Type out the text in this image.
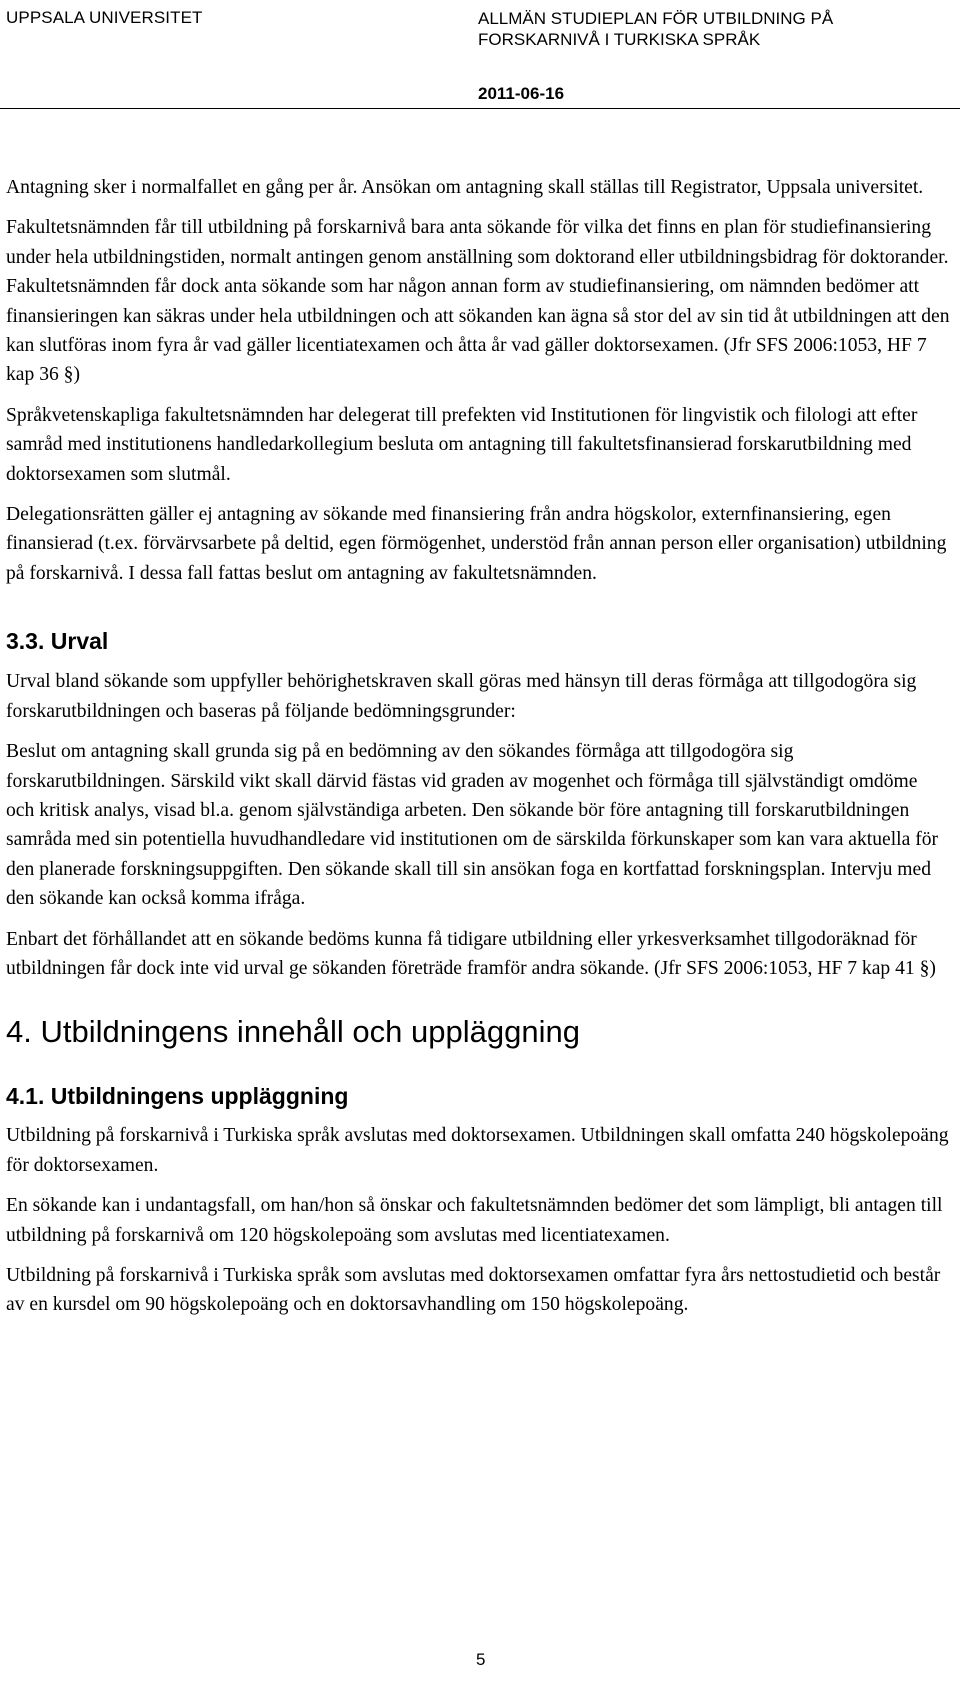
UPPSALA UNIVERSITET	ALLMÄN STUDIEPLAN FÖR UTBILDNING PÅ
FORSKARNIVÅ I TURKISKA SPRÅK
2011-06-16

Antagning sker i normalfallet en gång per år. Ansökan om antagning skall ställas till Registrator, Uppsala universitet.

Fakultetsnämnden får till utbildning på forskarnivå bara anta sökande för vilka det finns en plan för studiefinansiering under hela utbildningstiden, normalt antingen genom anställning som doktorand eller utbildningsbidrag för doktorander. Fakultetsnämnden får dock anta sökande som har någon annan form av studiefinansiering, om nämnden bedömer att finansieringen kan säkras under hela utbildningen och att sökanden kan ägna så stor del av sin tid åt utbildningen att den kan slutföras inom fyra år vad gäller licentiatexamen och åtta år vad gäller doktorsexamen. (Jfr SFS 2006:1053, HF 7 kap 36 §)

Språkvetenskapliga fakultetsnämnden har delegerat till prefekten vid Institutionen för lingvistik och filologi att efter samråd med institutionens handledarkollegium besluta om antagning till fakultetsfinansierad forskarutbildning med doktorsexamen som slutmål.

Delegationsrätten gäller ej antagning av sökande med finansiering från andra högskolor, externfinansiering, egen finansierad (t.ex. förvärvsarbete på deltid, egen förmögenhet, understöd från annan person eller organisation) utbildning på forskarnivå. I dessa fall fattas beslut om antagning av fakultetsnämnden.

3.3. Urval

Urval bland sökande som uppfyller behörighetskraven skall göras med hänsyn till deras förmåga att tillgodogöra sig forskarutbildningen och baseras på följande bedömningsgrunder:

Beslut om antagning skall grunda sig på en bedömning av den sökandes förmåga att tillgodogöra sig forskarutbildningen. Särskild vikt skall därvid fästas vid graden av mogenhet och förmåga till självständigt omdöme och kritisk analys, visad bl.a. genom självständiga arbeten. Den sökande bör före antagning till forskarutbildningen samråda med sin potentiella huvudhandledare vid institutionen om de särskilda förkunskaper som kan vara aktuella för den planerade forskningsuppgiften. Den sökande skall till sin ansökan foga en kortfattad forskningsplan. Intervju med den sökande kan också komma ifråga.

Enbart det förhållandet att en sökande bedöms kunna få tidigare utbildning eller yrkesverksamhet tillgodoräknad för utbildningen får dock inte vid urval ge sökanden företräde framför andra sökande. (Jfr SFS 2006:1053, HF 7 kap 41 §)

4. Utbildningens innehåll och uppläggning
4.1. Utbildningens uppläggning

Utbildning på forskarnivå i Turkiska språk avslutas med doktorsexamen. Utbildningen skall omfatta 240 högskolepoäng för doktorsexamen.

En sökande kan i undantagsfall, om han/hon så önskar och fakultetsnämnden bedömer det som lämpligt, bli antagen till utbildning på forskarnivå om 120 högskolepoäng som avslutas med licentiatexamen.

Utbildning på forskarnivå i Turkiska språk som avslutas med doktorsexamen omfattar fyra års nettostudietid och består av en kursdel om 90 högskolepoäng och en doktorsavhandling om 150 högskolepoäng.

5
